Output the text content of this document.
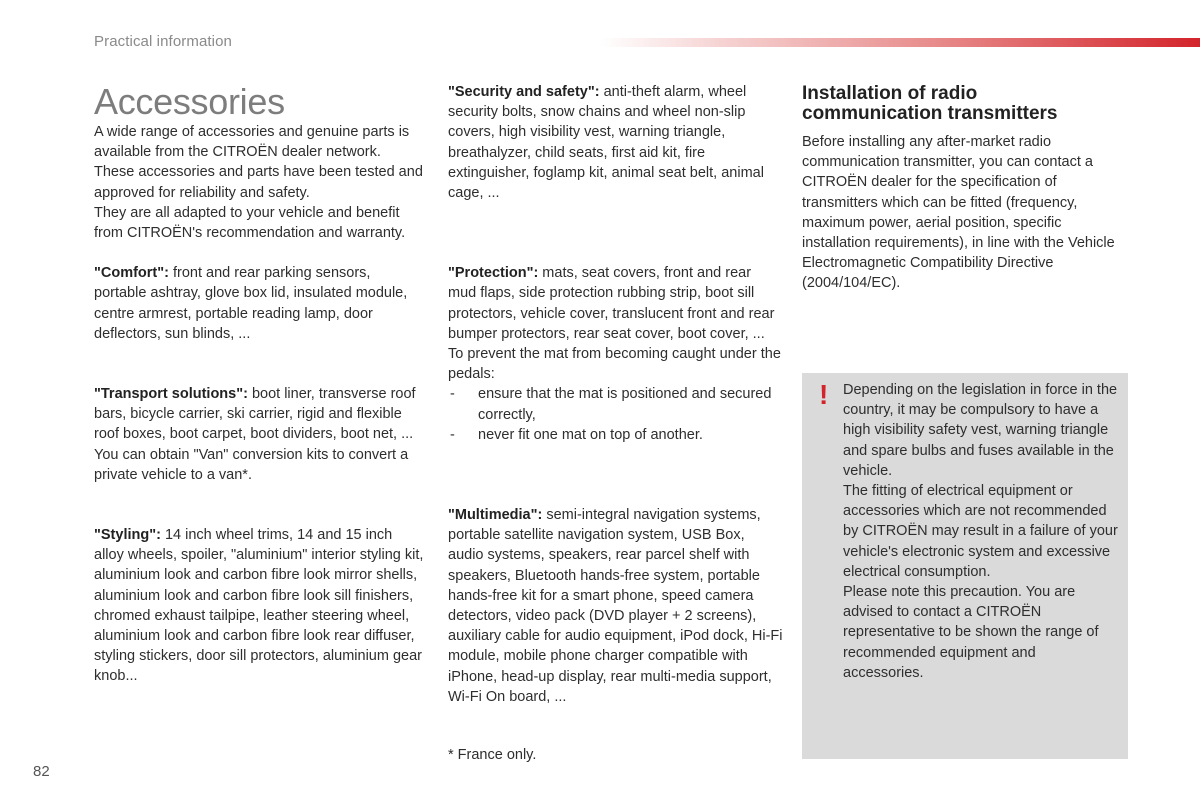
Practical information
Accessories

A wide range of accessories and genuine parts is available from the CITROËN dealer network.

These accessories and parts have been tested and approved for reliability and safety.

They are all adapted to your vehicle and benefit from CITROËN's recommendation and warranty.

"Comfort": front and rear parking sensors, portable ashtray, glove box lid, insulated module, centre armrest, portable reading lamp, door deflectors, sun blinds, ...

"Transport solutions": boot liner, transverse roof bars, bicycle carrier, ski carrier, rigid and flexible roof boxes, boot carpet, boot dividers, boot net, ...

You can obtain "Van" conversion kits to convert a private vehicle to a van*.

"Styling": 14 inch wheel trims, 14 and 15 inch alloy wheels, spoiler, "aluminium" interior styling kit, aluminium look and carbon fibre look mirror shells, aluminium look and carbon fibre look sill finishers, chromed exhaust tailpipe, leather steering wheel, aluminium look and carbon fibre look rear diffuser, styling stickers, door sill protectors, aluminium gear knob...

"Security and safety": anti-theft alarm, wheel security bolts, snow chains and wheel non-slip covers, high visibility vest, warning triangle, breathalyzer, child seats, first aid kit, fire extinguisher, foglamp kit, animal seat belt, animal cage, ...

"Protection": mats, seat covers, front and rear mud flaps, side protection rubbing strip, boot sill protectors, vehicle cover, translucent front and rear bumper protectors, rear seat cover, boot cover, ...

To prevent the mat from becoming caught under the pedals:

-	ensure that the mat is positioned and secured correctly,
-	never fit one mat on top of another.

"Multimedia": semi-integral navigation systems, portable satellite navigation system, USB Box, audio systems, speakers, rear parcel shelf with speakers, Bluetooth hands-free system, portable hands-free kit for a smart phone, speed camera detectors, video pack (DVD player + 2 screens), auxiliary cable for audio equipment, iPod dock, Hi-Fi module, mobile phone charger compatible with iPhone, head-up display, rear multi-media support, Wi-Fi On board, ...

* France only.
Installation of radio
communication transmitters

Before installing any after-market radio communication transmitter, you can contact a CITROËN dealer for the specification of transmitters which can be fitted (frequency, maximum power, aerial position, specific installation requirements), in line with the Vehicle Electromagnetic Compatibility Directive (2004/104/EC).

! Depending on the legislation in force in the country, it may be compulsory to have a high visibility safety vest, warning triangle and spare bulbs and fuses available in the vehicle.

The fitting of electrical equipment or accessories which are not recommended by CITROËN may result in a failure of your vehicle's electronic system and excessive electrical consumption.

Please note this precaution. You are advised to contact a CITROËN representative to be shown the range of recommended equipment and accessories.

82
